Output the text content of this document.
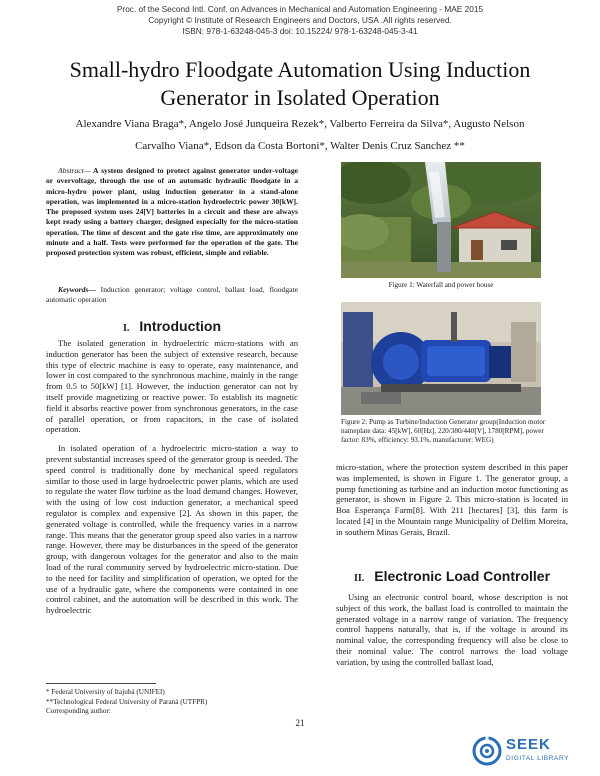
Proc. of the Second Intl. Conf. on Advances in Mechanical and Automation Engineering - MAE 2015
Copyright © Institute of Research Engineers and Doctors, USA .All rights reserved.
ISBN: 978-1-63248-045-3 doi: 10.15224/ 978-1-63248-045-3-41
Small-hydro Floodgate Automation Using Induction
Generator in Isolated Operation
Alexandre Viana Braga*, Angelo José Junqueira Rezek*, Valberto Ferreira da Silva*, Augusto Nelson
Carvalho Viana*, Edson da Costa Bortoni*, Walter Denis Cruz Sanchez **
Abstract— A system designed to protect against generator under-voltage or overvoltage, through the use of an automatic hydraulic floodgate in a micro-hydro power plant, using induction generator in a stand-alone operation, was implemented in a micro-station hydroelectric power 30[kW]. The proposed system uses 24[V] batteries in a circuit and these are always kept ready using a battery charger, designed especially for the micro-station operation. The time of descent and the gate rise time, are approximately one minute and a half. Tests were performed for the operation of the gate. The proposed protection system was robust, efficient, simple and reliable.
Keywords— Induction generator; voltage control, ballast load, floodgate automatic operation
I. Introduction

The isolated generation in hydroelectric micro-stations with an induction generator has been the subject of extensive research, because this type of electric machine is easy to operate, easy maintenance, and lower in cost compared to the synchronous machine, mainly in the range from 0.5 to 50[kW] [1]. However, the induction generator can not by itself provide magnetizing or reactive power. To establish its magnetic field it absorbs reactive power from synchronous generators, in the case of parallel operation, or from capacitors, in the case of isolated operation.

In isolated operation of a hydroelectric micro-station a way to prevent substantial increases speed of the generator group is needed. The speed control is traditionally done by mechanical speed regulators similar to those used in large hydroelectric power plants, which are used to regulate the water flow turbine as the load demand changes. However, with the using of low cost induction generator, a mechanical speed regulator is complex and expensive [2]. As shown in this paper, the generated voltage is controlled, while the frequency varies in a narrow range. This means that the generator group speed also varies in a narrow range. However, there may be disturbances in the speed of the generator group, with dangerous voltages for the generator and also to the main load of the rural community served by hydroelectric micro-station. Due to the need for facility and simplification of operation, we opted for the use of a hydraulic gate, where the components were contained in one control cabinet, and the automation will be described in this work. The hydroelectric

Figure 1: Waterfall and power house
Figure 2: Pump as Turbine/Induction Generator group(Induction motor nameplate data: 45[kW], 60[Hz], 220/380/440[V], 1780[RPM], power factor: 83%, efficiency: 93.1%, manufacturer: WEG)

micro-station, where the protection system described in this paper was implemented, is shown in Figure 1. The generator group, a pump functioning as turbine and an induction motor functioning as generator, is shown in Figure 2. This micro-station is located in Boa Esperança Farm[8]. With 211 [hectares] [3], this farm is located [4] in the Mountain range Municipality of Delfim Moreira, in southern Minas Gerais, Brazil.

II. Electronic Load Controller

Using an electronic control board, whose description is not subject of this work, the ballast load is controlled to maintain the generated voltage in a narrow range of variation. The frequency control happens naturally, that is, if the voltage is around its nominal value, the corresponding frequency will also be close to their nominal value. The control narrows the load voltage variation, by using the controlled ballast load,

* Federal University of Itajubá (UNIFEI)
**Technological Federal University of Paraná (UTFPR)
Corresponding author:
21
SEEK
DIGITAL LIBRARY
